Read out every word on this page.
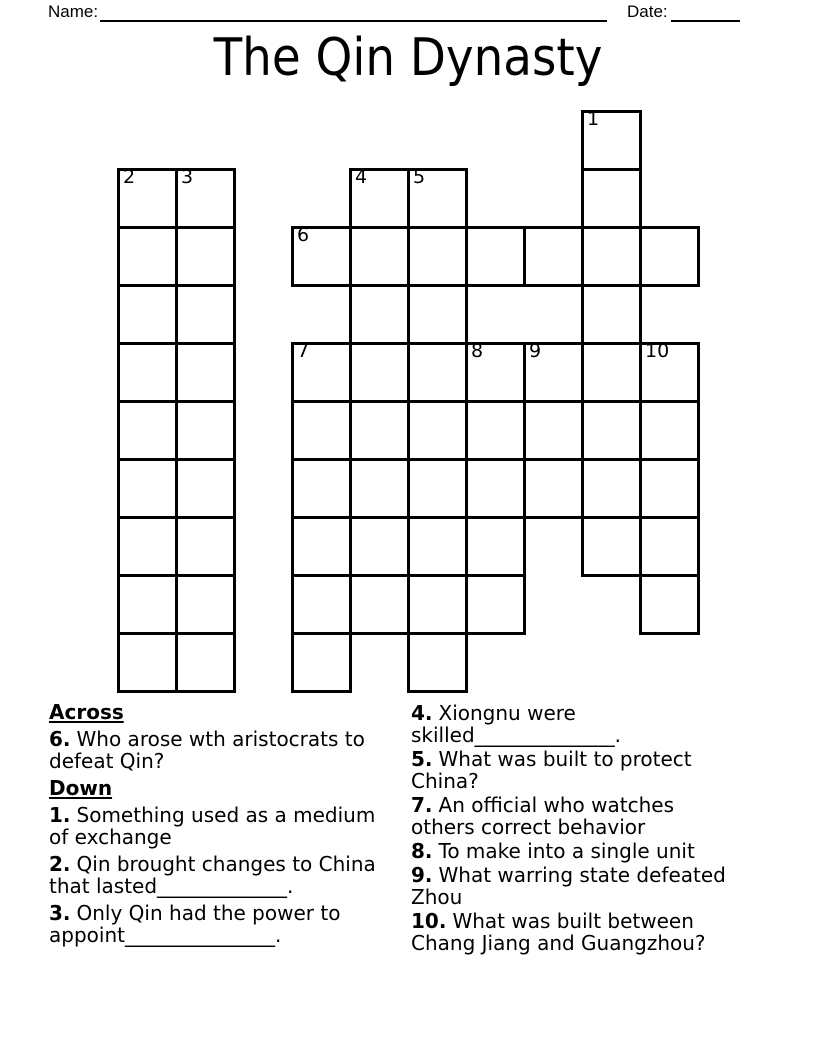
Name:	Date:
The Qin Dynasty
1
2 3	4 5
6
7	8 9	10
Across
6. Who arose wth aristocrats to
defeat Qin?
Down
1. Something used as a medium
of exchange
2. Qin brought changes to China
that lasted_____________.
3. Only Qin had the power to
appoint_______________.
4. Xiongnu were
skilled______________.
5. What was built to protect
China?
7. An official who watches
others correct behavior
8. To make into a single unit
9. What warring state defeated
Zhou
10. What was built between
Chang Jiang and Guangzhou?
